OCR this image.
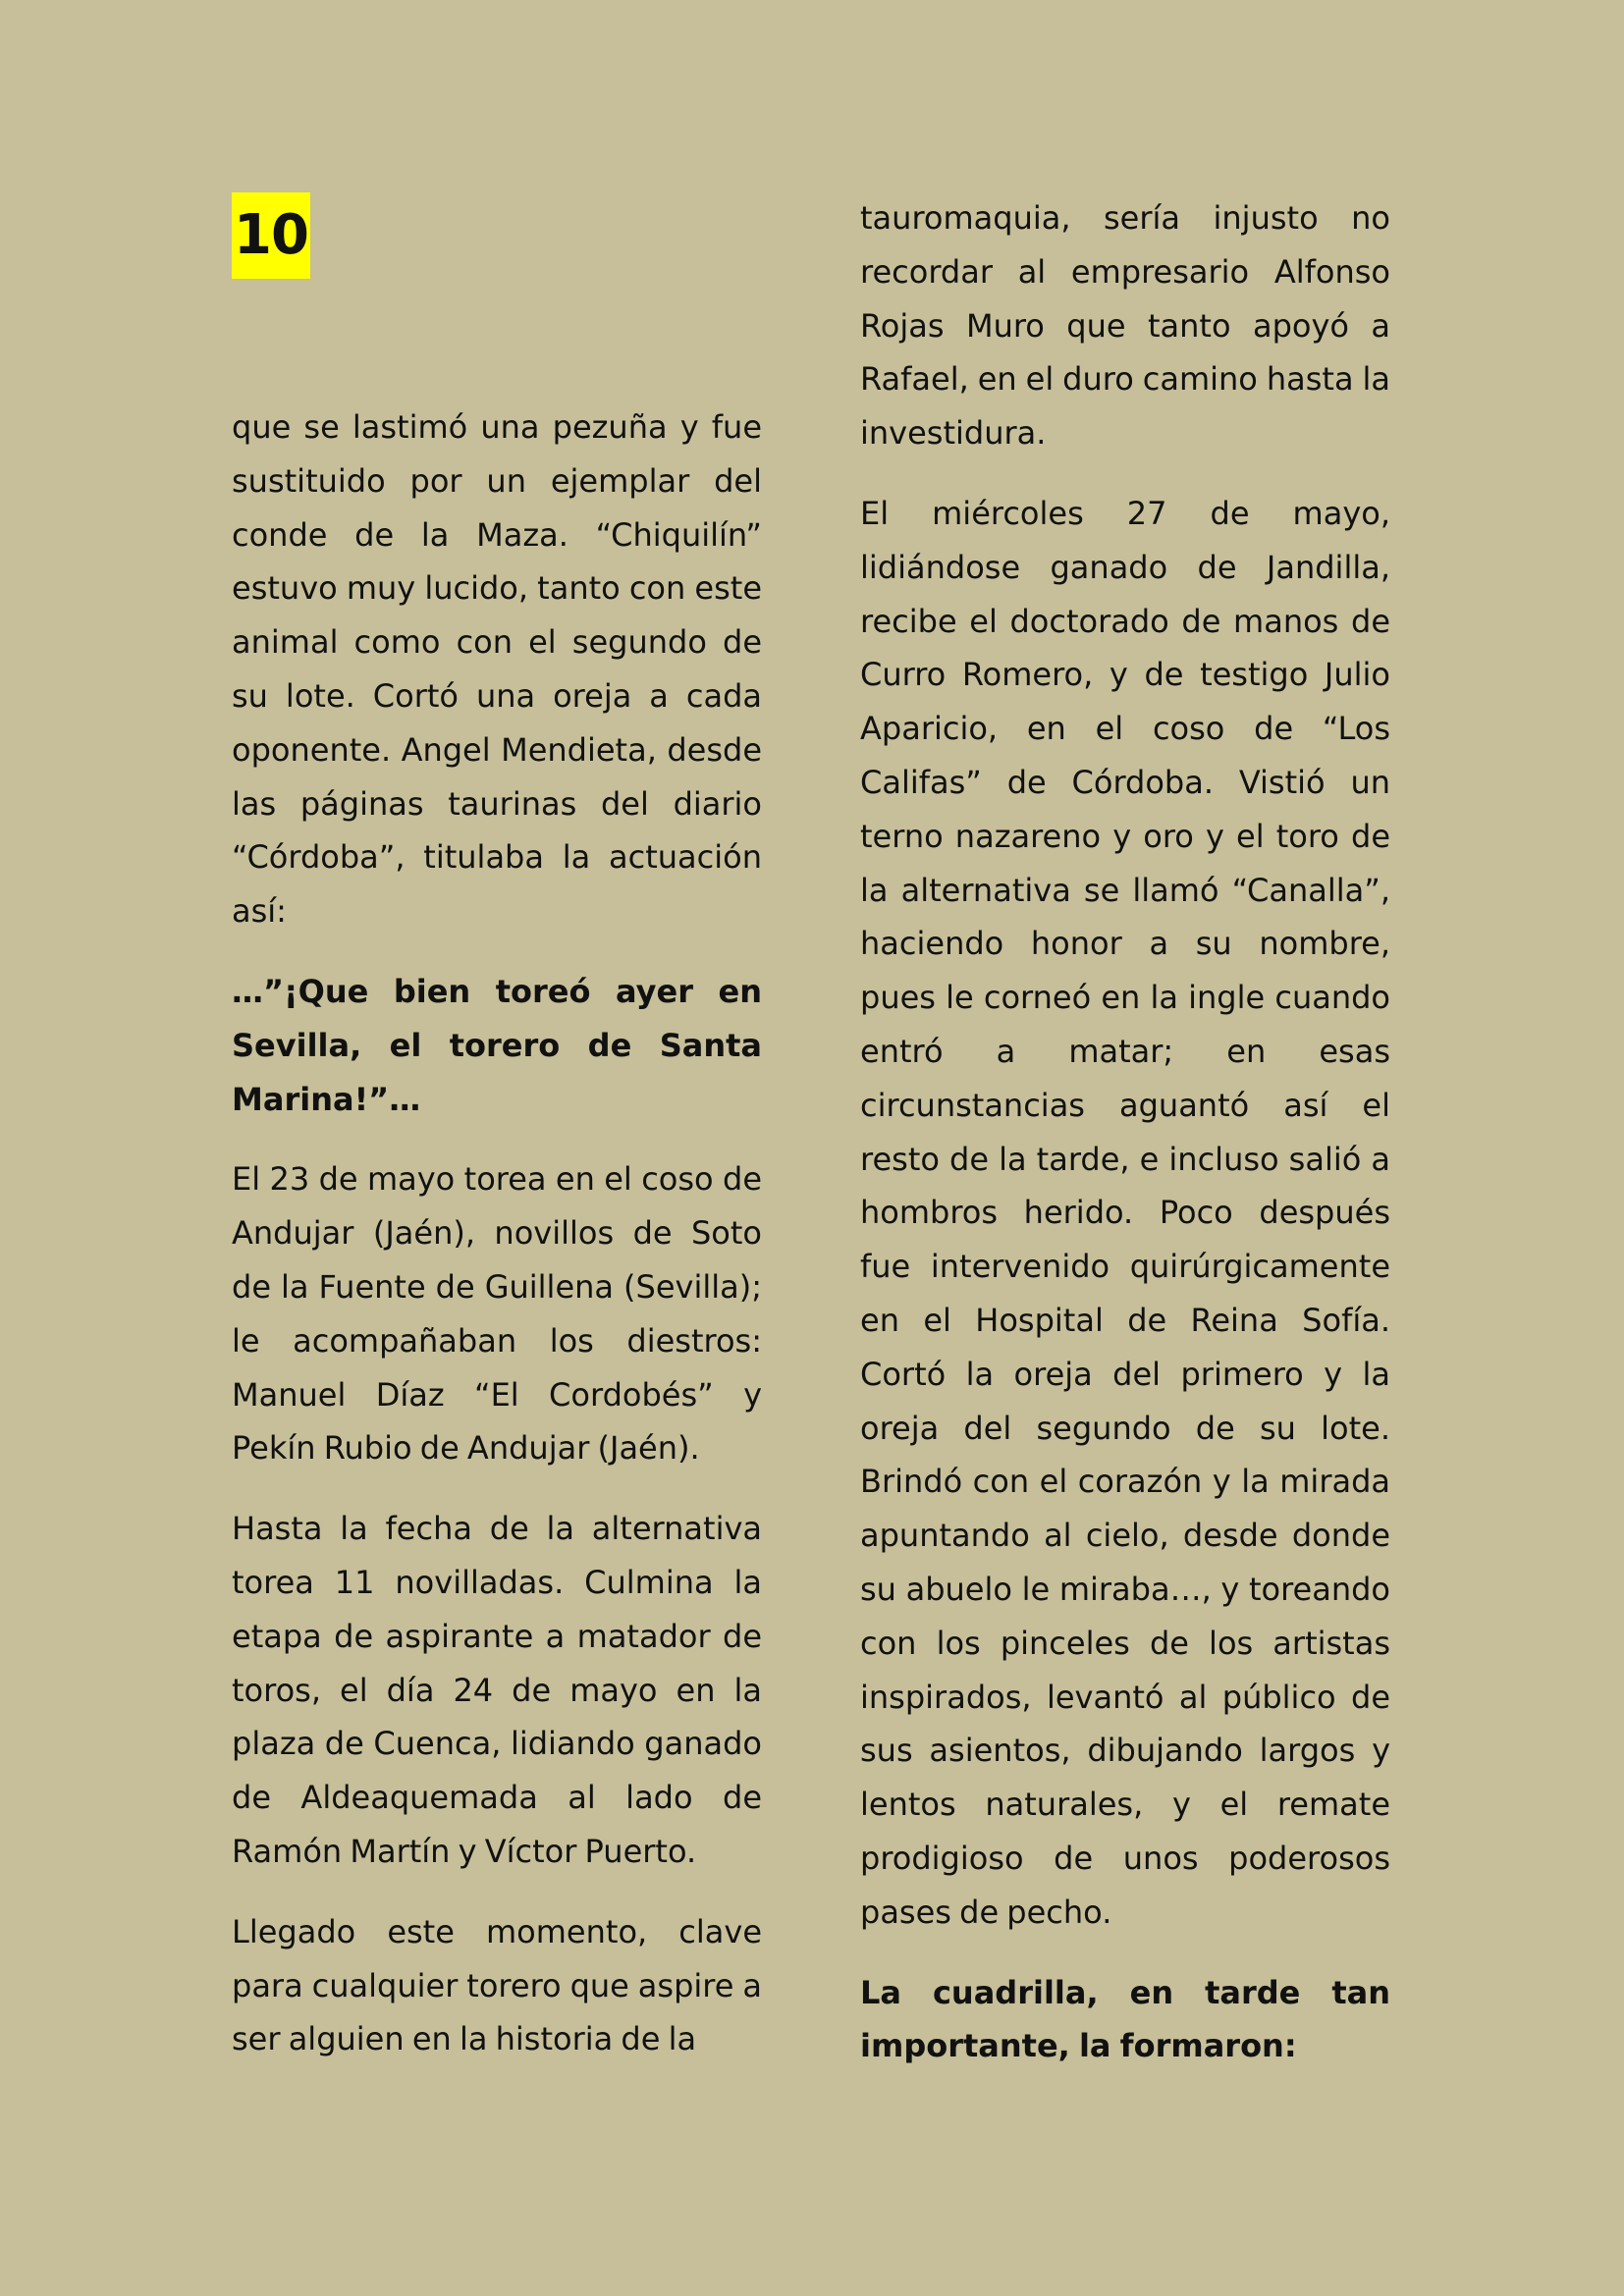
10

que se lastimó una pezuña y fue sustituido por un ejemplar del conde de la Maza. “Chiquilín” estuvo muy lucido, tanto con este animal como con el segundo de su lote. Cortó una oreja a cada oponente. Angel Mendieta, desde las páginas taurinas del diario “Córdoba”, titulaba la actuación así:

…”¡Que bien toreó ayer en Sevilla, el torero de Santa Marina!”…

El 23 de mayo torea en el coso de Andujar (Jaén), novillos de Soto de la Fuente de Guillena (Sevilla); le acompañaban los diestros: Manuel Díaz “El Cordobés” y Pekín Rubio de Andujar (Jaén).

Hasta la fecha de la alternativa torea 11 novilladas. Culmina la etapa de aspirante a matador de toros, el día 24 de mayo en la plaza de Cuenca, lidiando ganado de Aldeaquemada al lado de Ramón Martín y Víctor Puerto.

Llegado este momento, clave para cualquier torero que aspire a ser alguien en la historia de la

tauromaquia, sería injusto no recordar al empresario Alfonso Rojas Muro que tanto apoyó a Rafael, en el duro camino hasta la investidura.

El miércoles 27 de mayo, lidiándose ganado de Jandilla, recibe el doctorado de manos de Curro Romero, y de testigo Julio Aparicio, en el coso de “Los Califas” de Córdoba. Vistió un terno nazareno y oro y el toro de la alternativa se llamó “Canalla”, haciendo honor a su nombre, pues le corneó en la ingle cuando entró a matar; en esas circunstancias aguantó así el resto de la tarde, e incluso salió a hombros herido. Poco después fue intervenido quirúrgicamente en el Hospital de Reina Sofía. Cortó la oreja del primero y la oreja del segundo de su lote. Brindó con el corazón y la mirada apuntando al cielo, desde donde su abuelo le miraba…, y toreando con los pinceles de los artistas inspirados, levantó al público de sus asientos, dibujando largos y lentos naturales, y el remate prodigioso de unos poderosos pases de pecho.

La cuadrilla, en tarde tan importante, la formaron:
